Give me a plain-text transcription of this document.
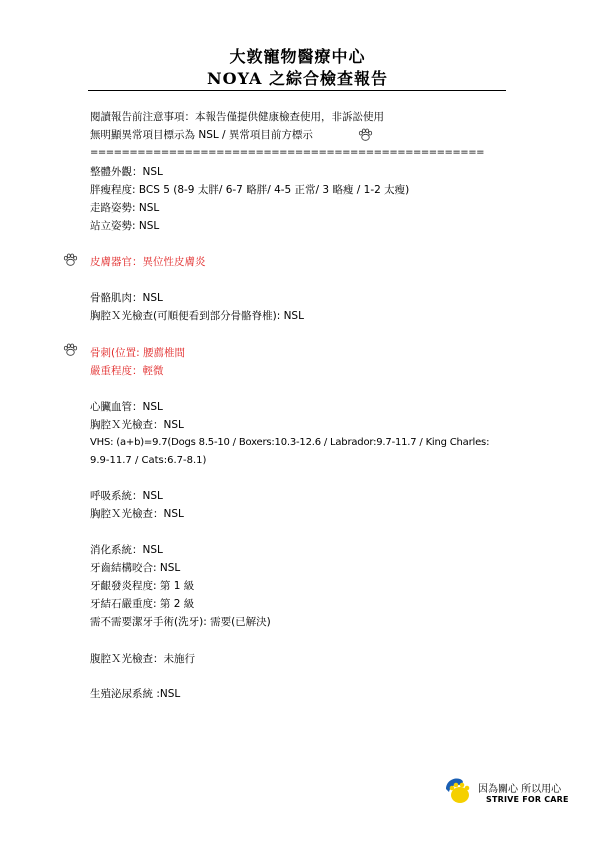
大敦寵物醫療中心
NOYA 之綜合檢查報告
閱讀報告前注意事項：本報告僅提供健康檢查使用，非訴訟使用
無明顯異常項目標示為 NSL / 異常項目前方標示
==================================================
整體外觀：NSL
胖瘦程度: BCS 5 (8-9 太胖/ 6-7 略胖/ 4-5 正常/ 3 略瘦 / 1-2 太瘦)
走路姿勢: NSL
站立姿勢: NSL
皮膚器官：異位性皮膚炎
骨骼肌肉：NSL
胸腔Ｘ光檢查(可順便看到部分骨骼脊椎): NSL
骨刺(位置: 腰薦椎間
嚴重程度：輕微
心臟血管：NSL
胸腔Ｘ光檢查：NSL
VHS: (a+b)=9.7(Dogs 8.5-10 / Boxers:10.3-12.6 / Labrador:9.7-11.7 / King Charles:
9.9-11.7 / Cats:6.7-8.1)
呼吸系統：NSL
胸腔Ｘ光檢查：NSL
消化系統：NSL
牙齒結構咬合: NSL
牙齦發炎程度: 第 1 級
牙結石嚴重度: 第 2 級
需不需要潔牙手術(洗牙): 需要(已解決)
腹腔Ｘ光檢查：未施行
生殖泌尿系統 :NSL
因為關心 所以用心
STRIVE FOR CARE
